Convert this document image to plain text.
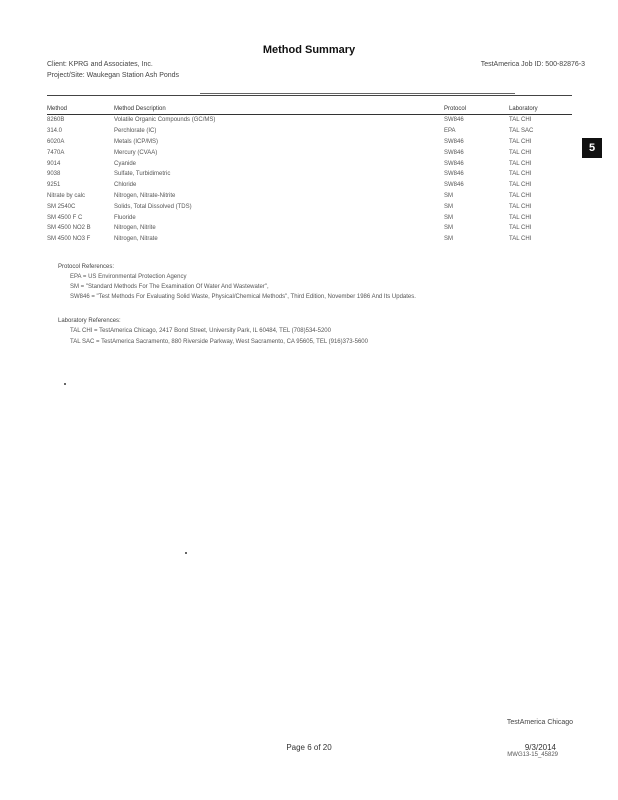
Method Summary
Client: KPRG and Associates, Inc.
Project/Site: Waukegan Station Ash Ponds
TestAmerica Job ID: 500-82876-3
5
Method	Method Description	Protocol	Laboratory
8260B	Volatile Organic Compounds (GC/MS)	SW846	TAL CHI
314.0	Perchlorate (IC)	EPA	TAL SAC
6020A	Metals (ICP/MS)	SW846	TAL CHI
7470A	Mercury (CVAA)	SW846	TAL CHI
9014	Cyanide	SW846	TAL CHI
9038	Sulfate, Turbidimetric	SW846	TAL CHI
9251	Chloride	SW846	TAL CHI
Nitrate by calc	Nitrogen, Nitrate-Nitrite	SM	TAL CHI
SM 2540C	Solids, Total Dissolved (TDS)	SM	TAL CHI
SM 4500 F C	Fluoride	SM	TAL CHI
SM 4500 NO2 B	Nitrogen, Nitrite	SM	TAL CHI
SM 4500 NO3 F	Nitrogen, Nitrate	SM	TAL CHI
Protocol References:
EPA = US Environmental Protection Agency
SM = "Standard Methods For The Examination Of Water And Wastewater",
SW846 = "Test Methods For Evaluating Solid Waste, Physical/Chemical Methods", Third Edition, November 1986 And Its Updates.
Laboratory References:
TAL CHI = TestAmerica Chicago, 2417 Bond Street, University Park, IL 60484, TEL (708)534-5200
TAL SAC = TestAmerica Sacramento, 880 Riverside Parkway, West Sacramento, CA 95605, TEL (916)373-5600
TestAmerica Chicago
Page 6 of 20	9/3/2014
MWG13-15_45829
